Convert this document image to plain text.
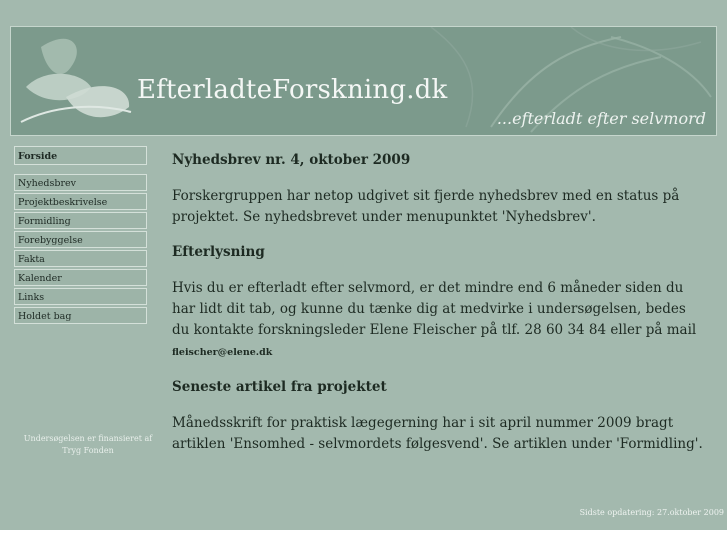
EfterladteForskning.dk
...efterladt efter selvmord
Forside
Nyhedsbrev
Projektbeskrivelse
Formidling
Forebyggelse
Fakta
Kalender
Links
Holdet bag
Undersøgelsen er finansieret af Tryg Fonden
Nyhedsbrev nr. 4, oktober 2009

Forskergruppen har netop udgivet sit fjerde nyhedsbrev med en status på projektet. Se nyhedsbrevet under menupunktet 'Nyhedsbrev'.

Efterlysning

Hvis du er efterladt efter selvmord, er det mindre end 6 måneder siden du har lidt dit tab, og kunne du tænke dig at medvirke i undersøgelsen, bedes du kontakte forskningsleder Elene Fleischer på tlf. 28 60 34 84 eller på mail fleischer@elene.dk

Seneste artikel fra projektet

Månedsskrift for praktisk lægegerning har i sit april nummer 2009 bragt artiklen 'Ensomhed - selvmordets følgesvend'. Se artiklen under 'Formidling'.

Sidste opdatering: 27.oktober 2009
